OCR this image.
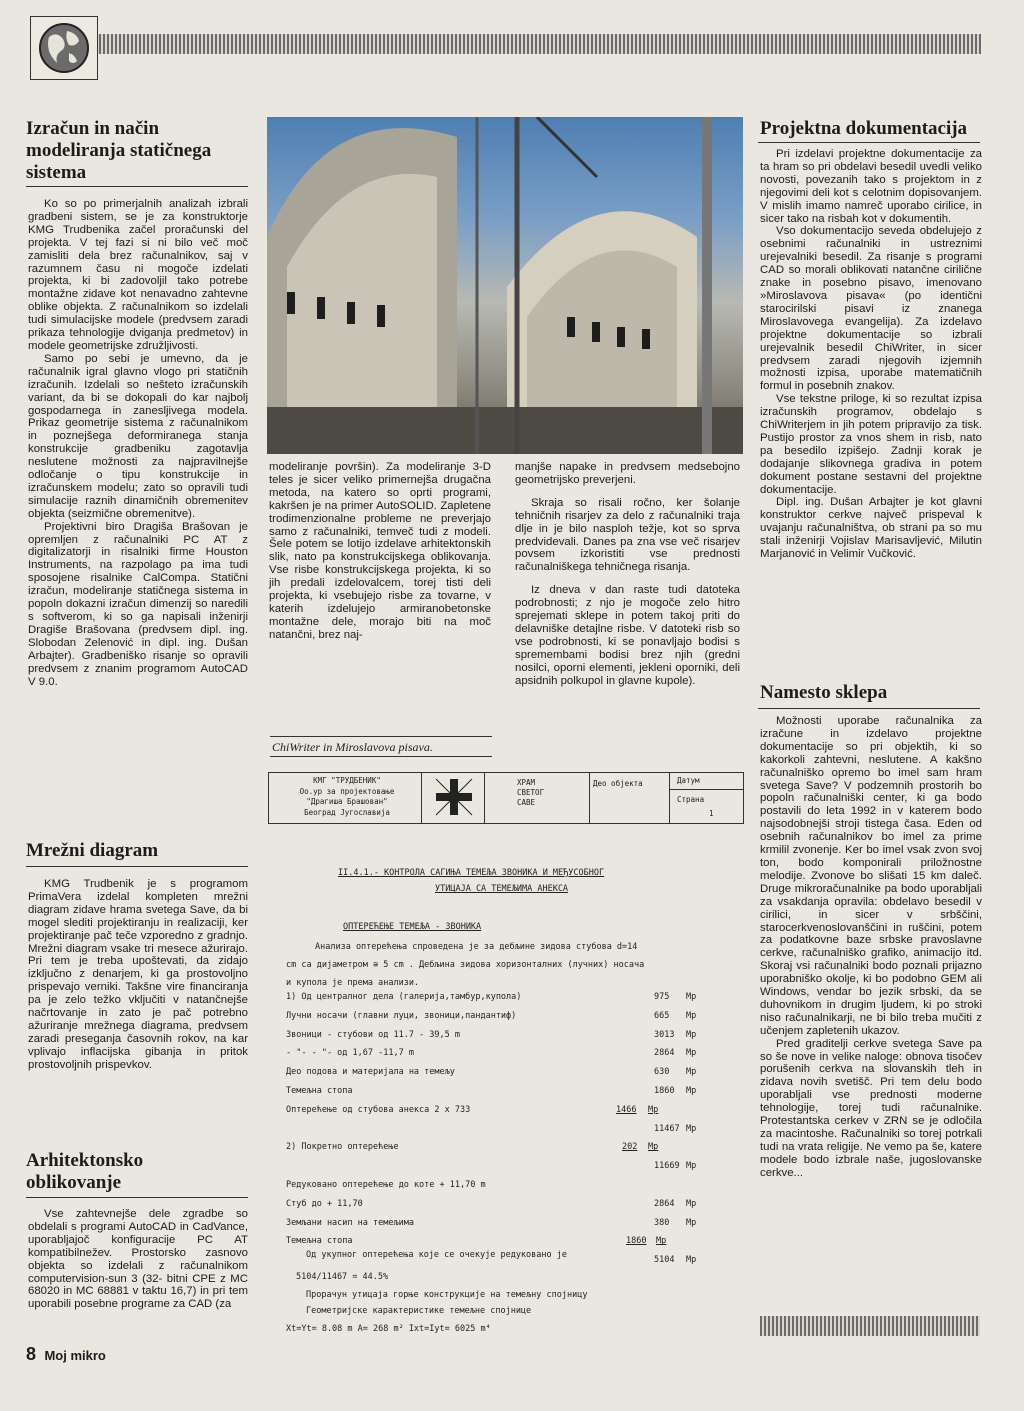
Izračun in način modeliranja statičnega sistema

Ko so po primerjalnih analizah izbrali gradbeni sistem, se je za konstruktorje KMG Trudbenika začel proračunski del projekta. V tej fazi si ni bilo več moč zamisliti dela brez računalnikov, saj v razumnem času ni mogoče izdelati projekta, ki bi zadovoljil tako potrebe montažne zidave kot nenavadno zahtevne oblike objekta. Z računalnikom so izdelali tudi simulacijske modele (predvsem zaradi prikaza tehnologije dviganja predmetov) in modele geometrijske združljivosti.

Samo po sebi je umevno, da je računalnik igral glavno vlogo pri statičnih izračunih. Izdelali so nešteto izračunskih variant, da bi se dokopali do kar najbolj gospodarnega in zanesljivega modela. Prikaz geometrije sistema z računalnikom in poznejšega deformiranega stanja konstrukcije gradbeniku zagotavlja neslutene možnosti za najpravilnejše odločanje o tipu konstrukcije in izračunskem modelu; zato so opravili tudi simulacije raznih dinamičnih obremenitev objekta (seizmične obremenitve).

Projektivni biro Dragiša Brašovan je opremljen z računalniki PC AT z digitalizatorji in risalniki firme Houston Instruments, na razpolago pa ima tudi sposojene risalnike CalCompa. Statični izračun, modeliranje statičnega sistema in popoln dokazni izračun dimenzij so naredili s softverom, ki so ga napisali inženirji Dragiše Brašovana (predvsem dipl. ing. Slobodan Zelenović in dipl. ing. Dušan Arbajter). Gradbeniško risanje so opravili predvsem z znanim programom AutoCAD V 9.0.

Mrežni diagram

KMG Trudbenik je s programom PrimaVera izdelal kompleten mrežni diagram zidave hrama svetega Save, da bi mogel slediti projektiranju in realizaciji, ker projektiranje pač teče vzporedno z gradnjo. Mrežni diagram vsake tri mesece ažurirajo. Pri tem je treba upoštevati, da zidajo izključno z denarjem, ki ga prostovoljno prispevajo verniki. Takšne vire financiranja pa je zelo težko vključiti v natančnejše načrtovanje in zato je pač potrebno ažuriranje mrežnega diagrama, predvsem zaradi preseganja časovnih rokov, na kar vplivajo inflacijska gibanja in pritok prostovoljnih prispevkov.

Arhitektonsko oblikovanje

Vse zahtevnejše dele zgradbe so obdelali s programi AutoCAD in CadVance, uporabljajoč konfiguracije PC AT kompatibilnežev. Prostorsko zasnovo objekta so izdelali z računalnikom computervision-sun 3 (32- bitni CPE z MC 68020 in MC 68881 v taktu 16,7) in pri tem uporabili posebne programe za CAD (za

8 Moj mikro
modeliranje površin). Za modeliranje 3-D teles je sicer veliko primernejša drugačna metoda, na katero so oprti programi, kakršen je na primer AutoSOLID. Zapletene trodimenzionalne probleme ne preverjajo samo z računalniki, temveč tudi z modeli. Šele potem se lotijo izdelave arhitektonskih slik, nato pa konstrukcijskega oblikovanja. Vse risbe konstrukcijskega projekta, ki so jih predali izdelovalcem, torej tisti deli projekta, ki vsebujejo risbe za tovarne, v katerih izdelujejo armiranobetonske montažne dele, morajo biti na moč natančni, brez naj-

manjše napake in predvsem medsebojno geometrijsko preverjeni.

Skraja so risali ročno, ker šolanje tehničnih risarjev za delo z računalniki traja dlje in je bilo nasploh težje, kot so sprva predvidevali. Danes pa zna vse več risarjev povsem izkoristiti vse prednosti računalniškega tehničnega risanja.

Iz dneva v dan raste tudi datoteka podrobnosti; z njo je mogoče zelo hitro sprejemati sklepe in potem takoj priti do delavniške detajlne risbe. V datoteki risb so vse podrobnosti, ki se ponavljajo bodisi s spremembami bodisi brez njih (gredni nosilci, oporni elementi, jekleni oporniki, deli apsidnih polkupol in glavne kupole).

ChiWriter in Miroslavova pisava.
КМГ "ТРУДБЕНИК"
Оо.ур за пројектовање
"Драгиша Брашован"
Београд Југославија
ХРАМ
СВЕТОГ
САВЕ
Део објекта	Датум
Страна
1
II.4.1.- КОНТРОЛА САГИЊА ТЕМЕЉА ЗВОНИКА И МЕЂУСОБНОГ
УТИЦАЈА СА ТЕМЕЉИМА АНЕКСА
ОПТЕРЕЋЕЊЕ ТЕМЕЉА - ЗВОНИКА
Анализа оптерећења спроведена је за дебљине зидова стубова d=14
cm са дијаметром ≅ 5 cm . Дебљина зидова хоризонталних (лучних) носача
и купола је према анализи.
1) Од централног дела (галерија,тамбур,купола)	975 Mp
Лучни носачи (главни луци, звоници,пандантиф)	665 Mp
Звоници - стубови од 11.7 - 39,5 m	3013 Mp
- "- - "- од 1,67 -11,7 m	2864 Mp
Део подова и материјала на темељу	630 Mp
Темељна стопа	1860 Mp
Оптерећење од стубова анекса 2 x 733	1466 Mp
11467 Mp
2) Покретно оптерећење	202 Mp
11669 Mp
Редуковано оптерећење до коте + 11,70 m
Стуб до + 11,70	2864 Mp
Земљани насип на темељима	380 Mp
Темељна стопа	1860 Mp
5104 Mp
Од укупног оптерећења које се очекује редуковано је
5104/11467 = 44.5%
Прорачун утицаја горње конструкције на темељну спојницу
Геометријске карактеристике темељне спојнице
Xt=Yt= 8.08 m A= 268 m² Ixt=Iyt= 6025 m⁴
Projektna dokumentacija

Pri izdelavi projektne dokumentacije za ta hram so pri obdelavi besedil uvedli veliko novosti, povezanih tako s projektom in z njegovimi deli kot s celotnim dopisovanjem. V mislih imamo namreč uporabo cirilice, in sicer tako na risbah kot v dokumentih.

Vso dokumentacijo seveda obdelujejo z osebnimi računalniki in ustreznimi urejevalniki besedil. Za risanje s programi CAD so morali oblikovati natančne cirilične znake in posebno pisavo, imenovano »Miroslavova pisava« (po identični starocirilski pisavi iz znanega Miroslavovega evangelija). Za izdelavo projektne dokumentacije so izbrali urejevalnik besedil ChiWriter, in sicer predvsem zaradi njegovih izjemnih možnosti izpisa, uporabe matematičnih formul in posebnih znakov.

Vse tekstne priloge, ki so rezultat izpisa izračunskih programov, obdelajo s ChiWriterjem in jih potem pripravijo za tisk. Pustijo prostor za vnos shem in risb, nato pa besedilo izpišejo. Zadnji korak je dodajanje slikovnega gradiva in potem dokument postane sestavni del projektne dokumentacije.

Dipl. ing. Dušan Arbajter je kot glavni konstruktor cerkve največ prispeval k uvajanju računalništva, ob strani pa so mu stali inženirji Vojislav Marisavljević, Milutin Marjanović in Velimir Vučković.

Namesto sklepa

Možnosti uporabe računalnika za izračune in izdelavo projektne dokumentacije so pri objektih, ki so kakorkoli zahtevni, neslutene. A kakšno računalniško opremo bo imel sam hram svetega Save? V podzemnih prostorih bo popoln računalniški center, ki ga bodo postavili do leta 1992 in v katerem bodo najsodobnejši stroji tistega časa. Eden od osebnih računalnikov bo imel za prime krmilil zvonenje. Ker bo imel vsak zvon svoj ton, bodo komponirali priložnostne melodije. Zvonove bo slišati 15 km daleč. Druge mikroračunalnike pa bodo uporabljali za vsakdanja opravila: obdelavo besedil v cirilici, in sicer v srbščini, starocerkvenoslovanščini in ruščini, potem za podatkovne baze srbske pravoslavne cerkve, računalniško grafiko, animacijo itd. Skoraj vsi računalniki bodo poznali prijazno uporabniško okolje, ki bo podobno GEM ali Windows, vendar bo jezik srbski, da se duhovnikom in drugim ljudem, ki po stroki niso računalnikarji, ne bi bilo treba mučiti z učenjem zapletenih ukazov.

Pred graditelji cerkve svetega Save pa so še nove in velike naloge: obnova tisočev porušenih cerkva na slovanskih tleh in zidava novih svetišč. Pri tem delu bodo uporabljali vse prednosti moderne tehnologije, torej tudi računalnike. Protestantska cerkev v ZRN se je odločila za macintoshe. Računalniki so torej potrkali tudi na vrata religije. Ne vemo pa še, katere modele bodo izbrale naše, jugoslovanske cerkve...
